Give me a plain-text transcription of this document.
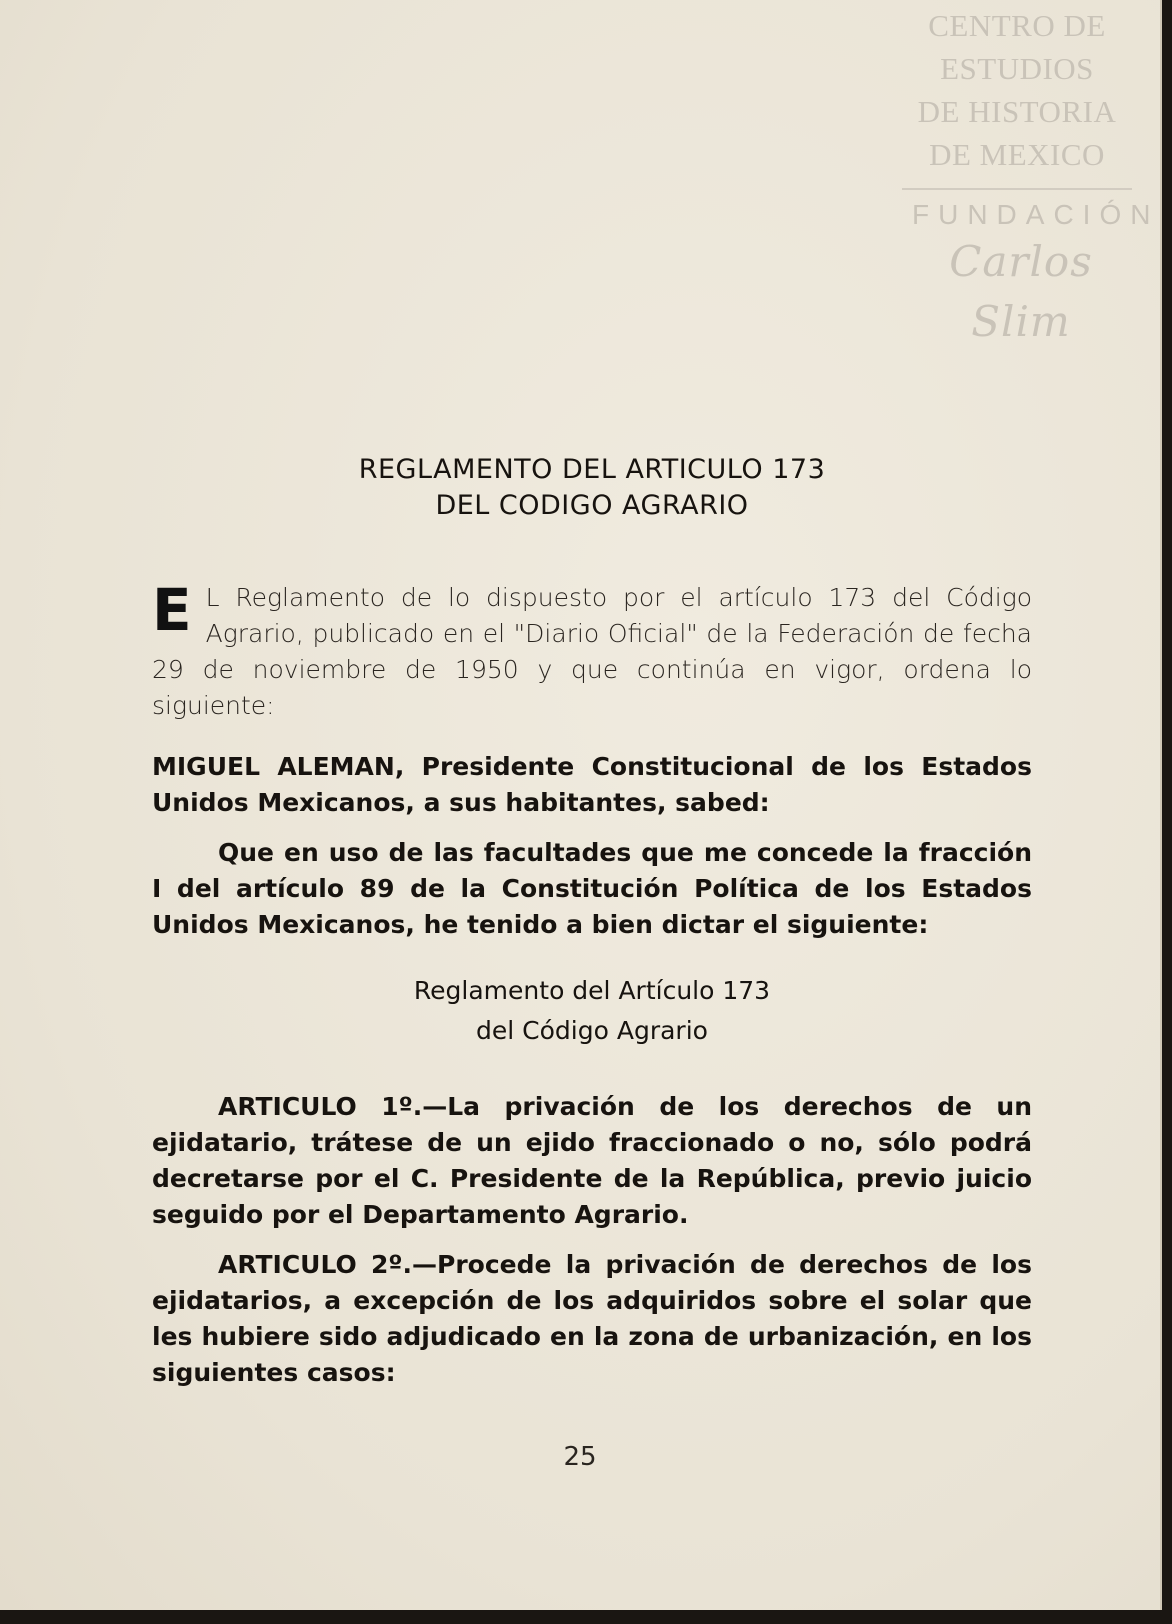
CENTRO DE
ESTUDIOS
DE HISTORIA
DE MEXICO
FUNDACIÓN
Carlos Slim
REGLAMENTO DEL ARTICULO 173
DEL CODIGO AGRARIO

E L Reglamento de lo dispuesto por el artículo 173 del Código Agrario, publicado en el "Diario Oficial" de la Federación de fecha 29 de noviembre de 1950 y que continúa en vigor, ordena lo siguiente:

MIGUEL ALEMAN, Presidente Constitucional de los Estados Unidos Mexicanos, a sus habitantes, sabed:

Que en uso de las facultades que me concede la fracción I del artículo 89 de la Constitución Política de los Estados Unidos Mexicanos, he tenido a bien dictar el siguiente:

Reglamento del Artículo 173
del Código Agrario

ARTICULO 1º.—La privación de los derechos de un ejidatario, trátese de un ejido fraccionado o no, sólo podrá decretarse por el C. Presidente de la República, previo juicio seguido por el Departamento Agrario.

ARTICULO 2º.—Procede la privación de derechos de los ejidatarios, a excepción de los adquiridos sobre el solar que les hubiere sido adjudicado en la zona de urbanización, en los siguientes casos:

25
